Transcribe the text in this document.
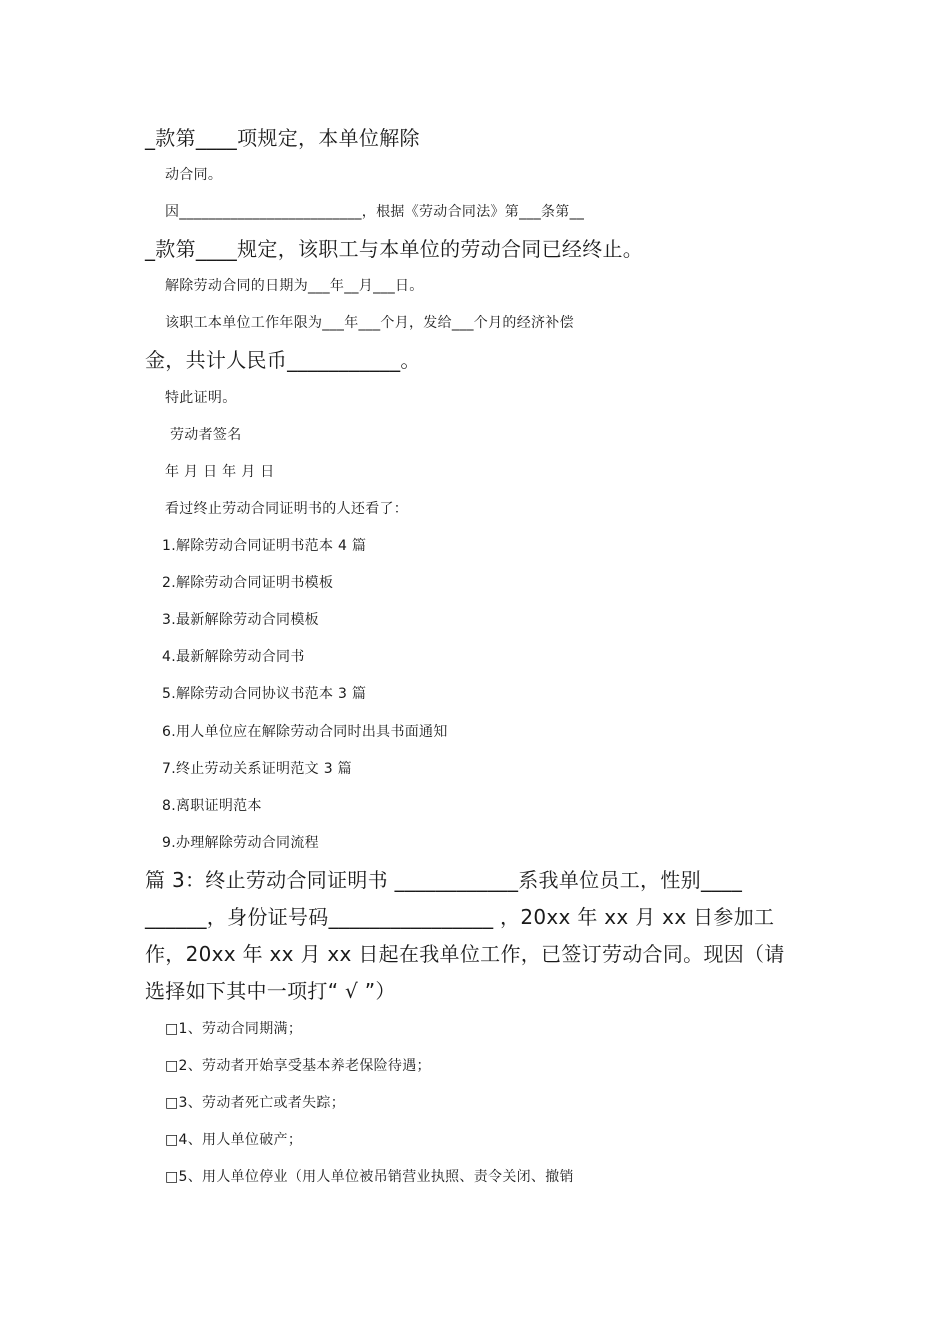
_款第____项规定，本单位解除
动合同。
因_________________________，根据《劳动合同法》第___条第__
_款第____规定，该职工与本单位的劳动合同已经终止。
解除劳动合同的日期为___年__月___日。
该职工本单位工作年限为___年___个月，发给___个月的经济补偿
金，共计人民币___________。
特此证明。
劳动者签名
年 月 日 年 月 日
看过终止劳动合同证明书的人还看了：
1.解除劳动合同证明书范本 4 篇
2.解除劳动合同证明书模板
3.最新解除劳动合同模板
4.最新解除劳动合同书
5.解除劳动合同协议书范本 3 篇
6.用人单位应在解除劳动合同时出具书面通知
7.终止劳动关系证明范文 3 篇
8.离职证明范本
9.办理解除劳动合同流程
篇 3：终止劳动合同证明书 ____________系我单位员工，性别____
______，身份证号码________________ ，20xx 年 xx 月 xx 日参加工
作，20xx 年 xx 月 xx 日起在我单位工作，已签订劳动合同。现因（请
选择如下其中一项打“ √ ”）
□1、劳动合同期满；
□2、劳动者开始享受基本养老保险待遇；
□3、劳动者死亡或者失踪；
□4、用人单位破产；
□5、用人单位停业（用人单位被吊销营业执照、责令关闭、撤销
